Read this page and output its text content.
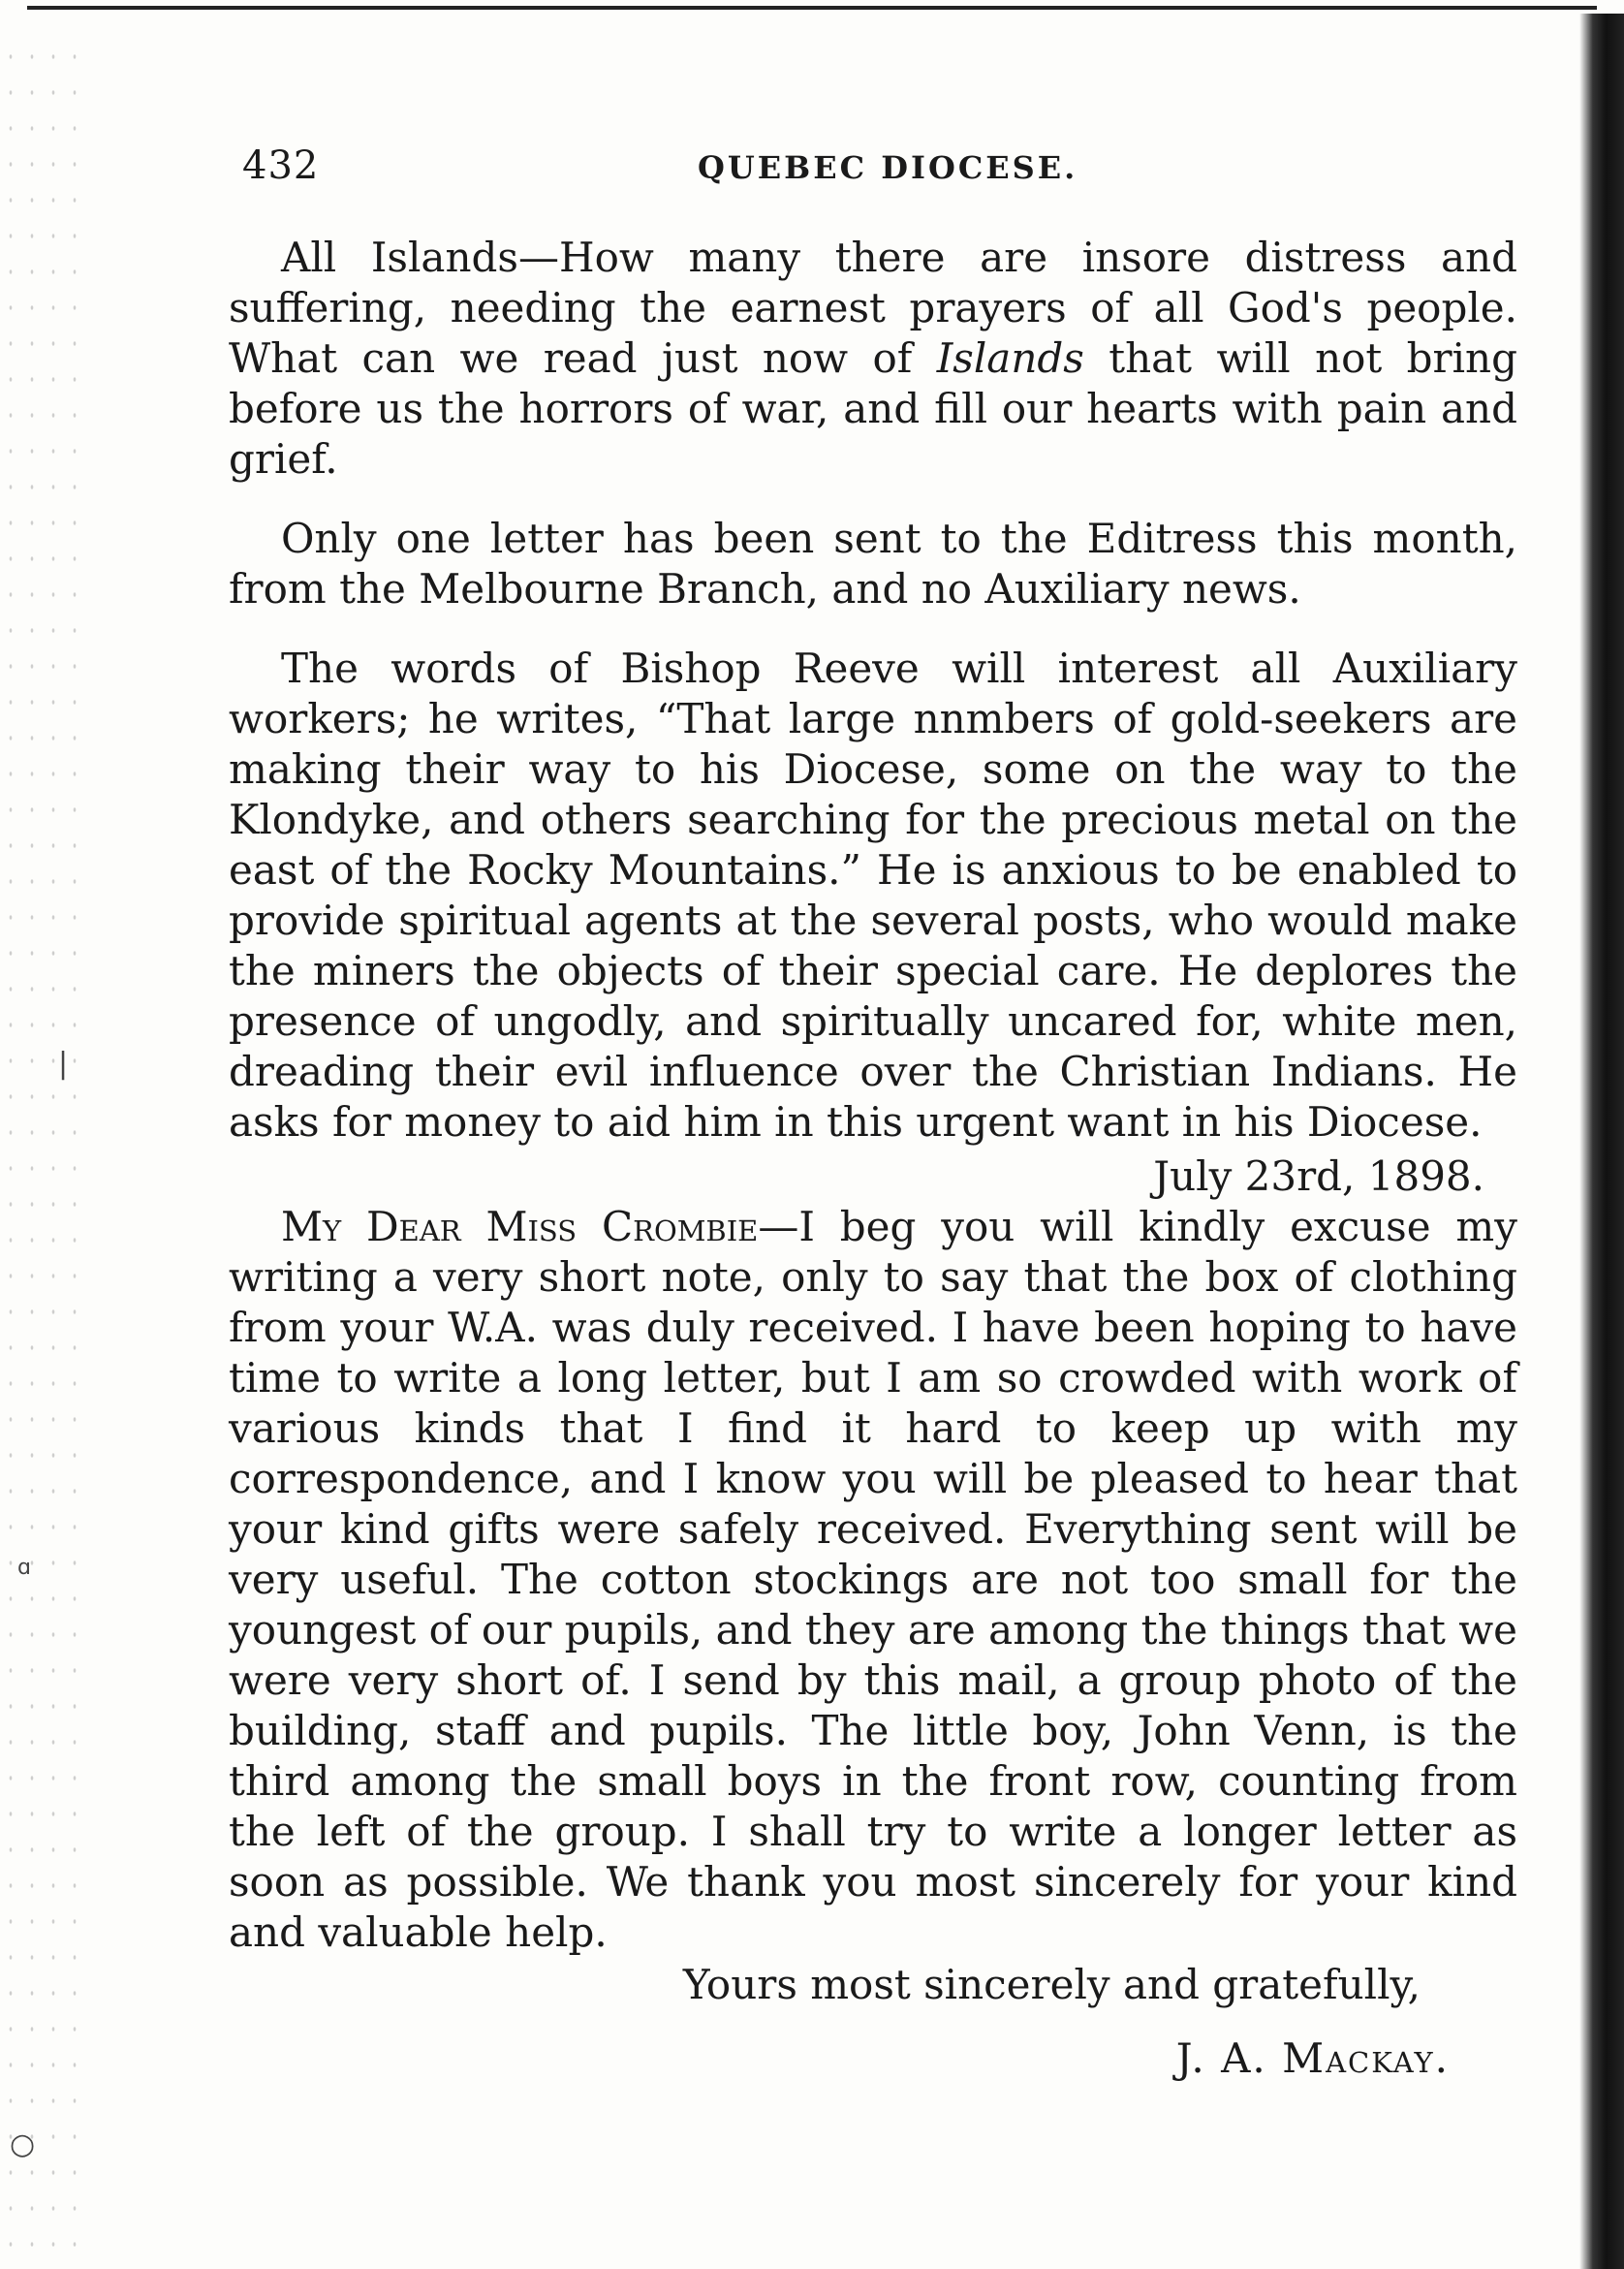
○
ɑ
|
432	QUEBEC DIOCESE.

All Islands—How many there are insore distress and suffering, needing the earnest prayers of all God's people. What can we read just now of Islands that will not bring before us the horrors of war, and fill our hearts with pain and grief.

Only one letter has been sent to the Editress this month, from the Melbourne Branch, and no Auxiliary news.

The words of Bishop Reeve will interest all Auxiliary workers; he writes, “That large nnmbers of gold-seekers are making their way to his Diocese, some on the way to the Klondyke, and others searching for the precious metal on the east of the Rocky Mountains.” He is anxious to be enabled to provide spiritual agents at the several posts, who would make the miners the objects of their special care. He deplores the presence of ungodly, and spiritually uncared for, white men, dreading their evil influence over the Christian Indians. He asks for money to aid him in this urgent want in his Diocese.

July 23rd, 1898.

My Dear Miss Crombie—I beg you will kindly excuse my writing a very short note, only to say that the box of clothing from your W.A. was duly received. I have been hoping to have time to write a long letter, but I am so crowded with work of various kinds that I find it hard to keep up with my correspondence, and I know you will be pleased to hear that your kind gifts were safely received. Everything sent will be very useful. The cotton stockings are not too small for the youngest of our pupils, and they are among the things that we were very short of. I send by this mail, a group photo of the building, staff and pupils. The little boy, John Venn, is the third among the small boys in the front row, counting from the left of the group. I shall try to write a longer letter as soon as possible. We thank you most sincerely for your kind and valuable help.

Yours most sincerely and gratefully,
J. A. Mackay.
